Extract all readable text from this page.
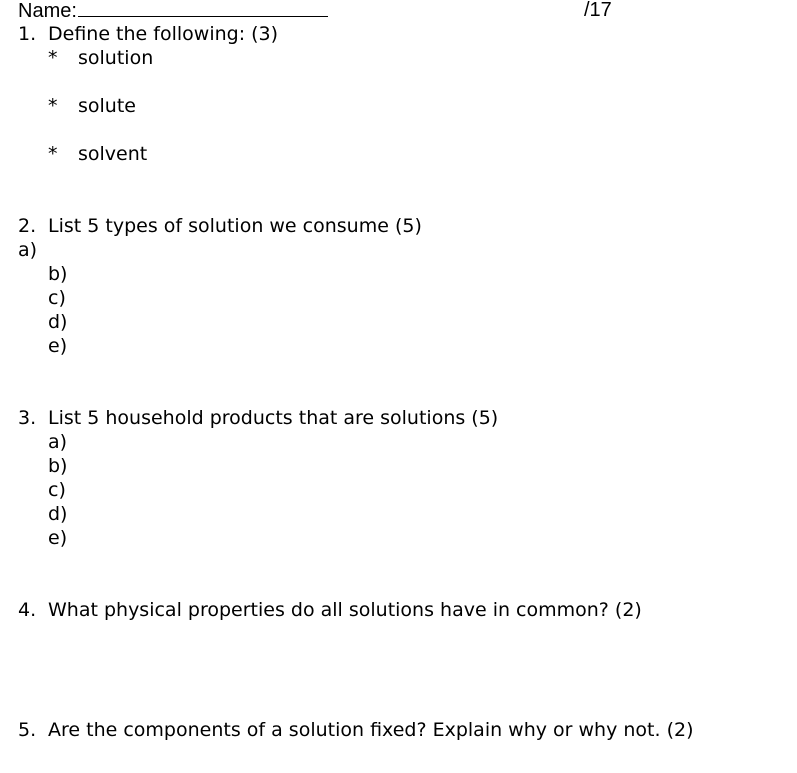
Name:	/17
1. Define the following: (3)
* solution
* solute
* solvent
2. List 5 types of solution we consume (5)
a)
b)
c)
d)
e)
3. List 5 household products that are solutions (5)
a)
b)
c)
d)
e)
4. What physical properties do all solutions have in common? (2)
5. Are the components of a solution fixed? Explain why or why not. (2)
